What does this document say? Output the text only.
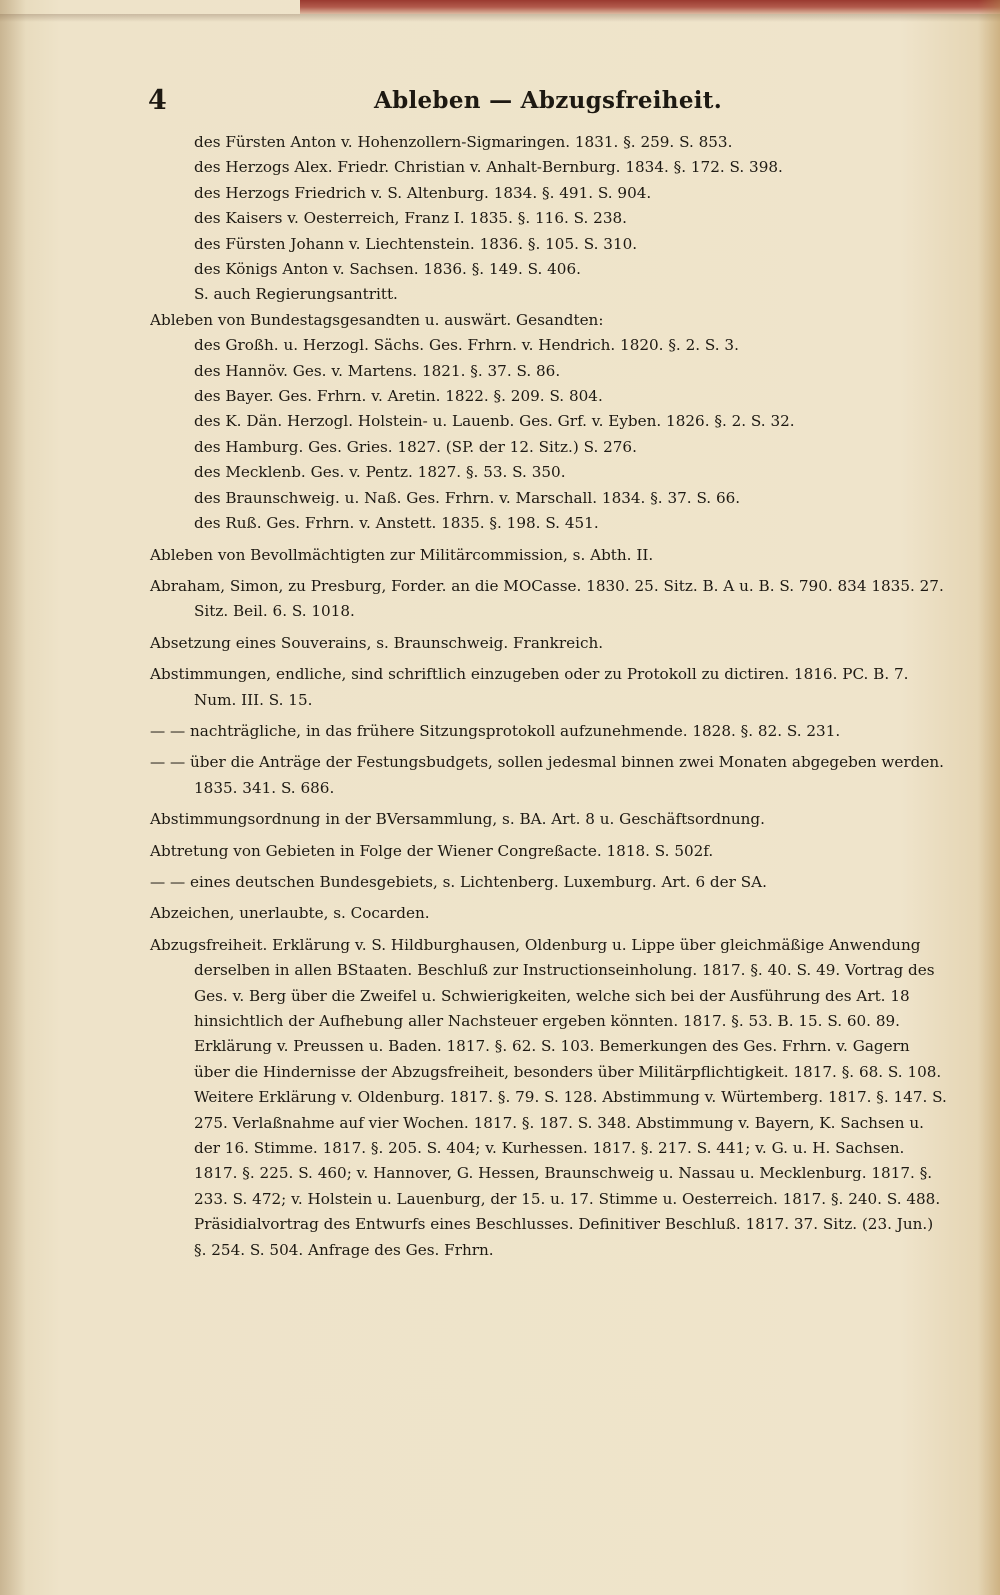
4	Ableben — Abzugsfreiheit.
des Fürsten Anton v. Hohenzollern-Sigmaringen. 1831. §. 259. S. 853.
des Herzogs Alex. Friedr. Christian v. Anhalt-Bernburg. 1834. §. 172. S. 398.
des Herzogs Friedrich v. S. Altenburg. 1834. §. 491. S. 904.
des Kaisers v. Oesterreich, Franz I. 1835. §. 116. S. 238.
des Fürsten Johann v. Liechtenstein. 1836. §. 105. S. 310.
des Königs Anton v. Sachsen. 1836. §. 149. S. 406.
S. auch Regierungsantritt.
Ableben von Bundestagsgesandten u. auswärt. Gesandten:
des Großh. u. Herzogl. Sächs. Ges. Frhrn. v. Hendrich. 1820. §. 2. S. 3.
des Hannöv. Ges. v. Martens. 1821. §. 37. S. 86.
des Bayer. Ges. Frhrn. v. Aretin. 1822. §. 209. S. 804.
des K. Dän. Herzogl. Holstein- u. Lauenb. Ges. Grf. v. Eyben. 1826. §. 2. S. 32.
des Hamburg. Ges. Gries. 1827. (SP. der 12. Sitz.) S. 276.
des Mecklenb. Ges. v. Pentz. 1827. §. 53. S. 350.
des Braunschweig. u. Naß. Ges. Frhrn. v. Marschall. 1834. §. 37. S. 66.
des Ruß. Ges. Frhrn. v. Anstett. 1835. §. 198. S. 451.
Ableben von Bevollmächtigten zur Militärcommission, s. Abth. II.
Abraham, Simon, zu Presburg, Forder. an die MOCasse. 1830. 25. Sitz. B. A u. B. S. 790. 834 1835. 27. Sitz. Beil. 6. S. 1018.
Absetzung eines Souverains, s. Braunschweig. Frankreich.
Abstimmungen, endliche, sind schriftlich einzugeben oder zu Protokoll zu dictiren. 1816. PC. B. 7. Num. III. S. 15.
— — nachträgliche, in das frühere Sitzungsprotokoll aufzunehmende. 1828. §. 82. S. 231.
— — über die Anträge der Festungsbudgets, sollen jedesmal binnen zwei Monaten abgegeben werden. 1835. 341. S. 686.
Abstimmungsordnung in der BVersammlung, s. BA. Art. 8 u. Geschäftsordnung.
Abtretung von Gebieten in Folge der Wiener Congreßacte. 1818. S. 502f.
— — eines deutschen Bundesgebiets, s. Lichtenberg. Luxemburg. Art. 6 der SA.
Abzeichen, unerlaubte, s. Cocarden.
Abzugsfreiheit. Erklärung v. S. Hildburghausen, Oldenburg u. Lippe über gleichmäßige Anwendung derselben in allen BStaaten. Beschluß zur Instructionseinholung. 1817. §. 40. S. 49. Vortrag des Ges. v. Berg über die Zweifel u. Schwierigkeiten, welche sich bei der Ausführung des Art. 18 hinsichtlich der Aufhebung aller Nachsteuer ergeben könnten. 1817. §. 53. B. 15. S. 60. 89. Erklärung v. Preussen u. Baden. 1817. §. 62. S. 103. Bemerkungen des Ges. Frhrn. v. Gagern über die Hindernisse der Abzugsfreiheit, besonders über Militärpflichtigkeit. 1817. §. 68. S. 108. Weitere Erklärung v. Oldenburg. 1817. §. 79. S. 128. Abstimmung v. Würtemberg. 1817. §. 147. S. 275. Verlaßnahme auf vier Wochen. 1817. §. 187. S. 348. Abstimmung v. Bayern, K. Sachsen u. der 16. Stimme. 1817. §. 205. S. 404; v. Kurhessen. 1817. §. 217. S. 441; v. G. u. H. Sachsen. 1817. §. 225. S. 460; v. Hannover, G. Hessen, Braunschweig u. Nassau u. Mecklenburg. 1817. §. 233. S. 472; v. Holstein u. Lauenburg, der 15. u. 17. Stimme u. Oesterreich. 1817. §. 240. S. 488. Präsidialvortrag des Entwurfs eines Beschlusses. Definitiver Beschluß. 1817. 37. Sitz. (23. Jun.) §. 254. S. 504. Anfrage des Ges. Frhrn.
